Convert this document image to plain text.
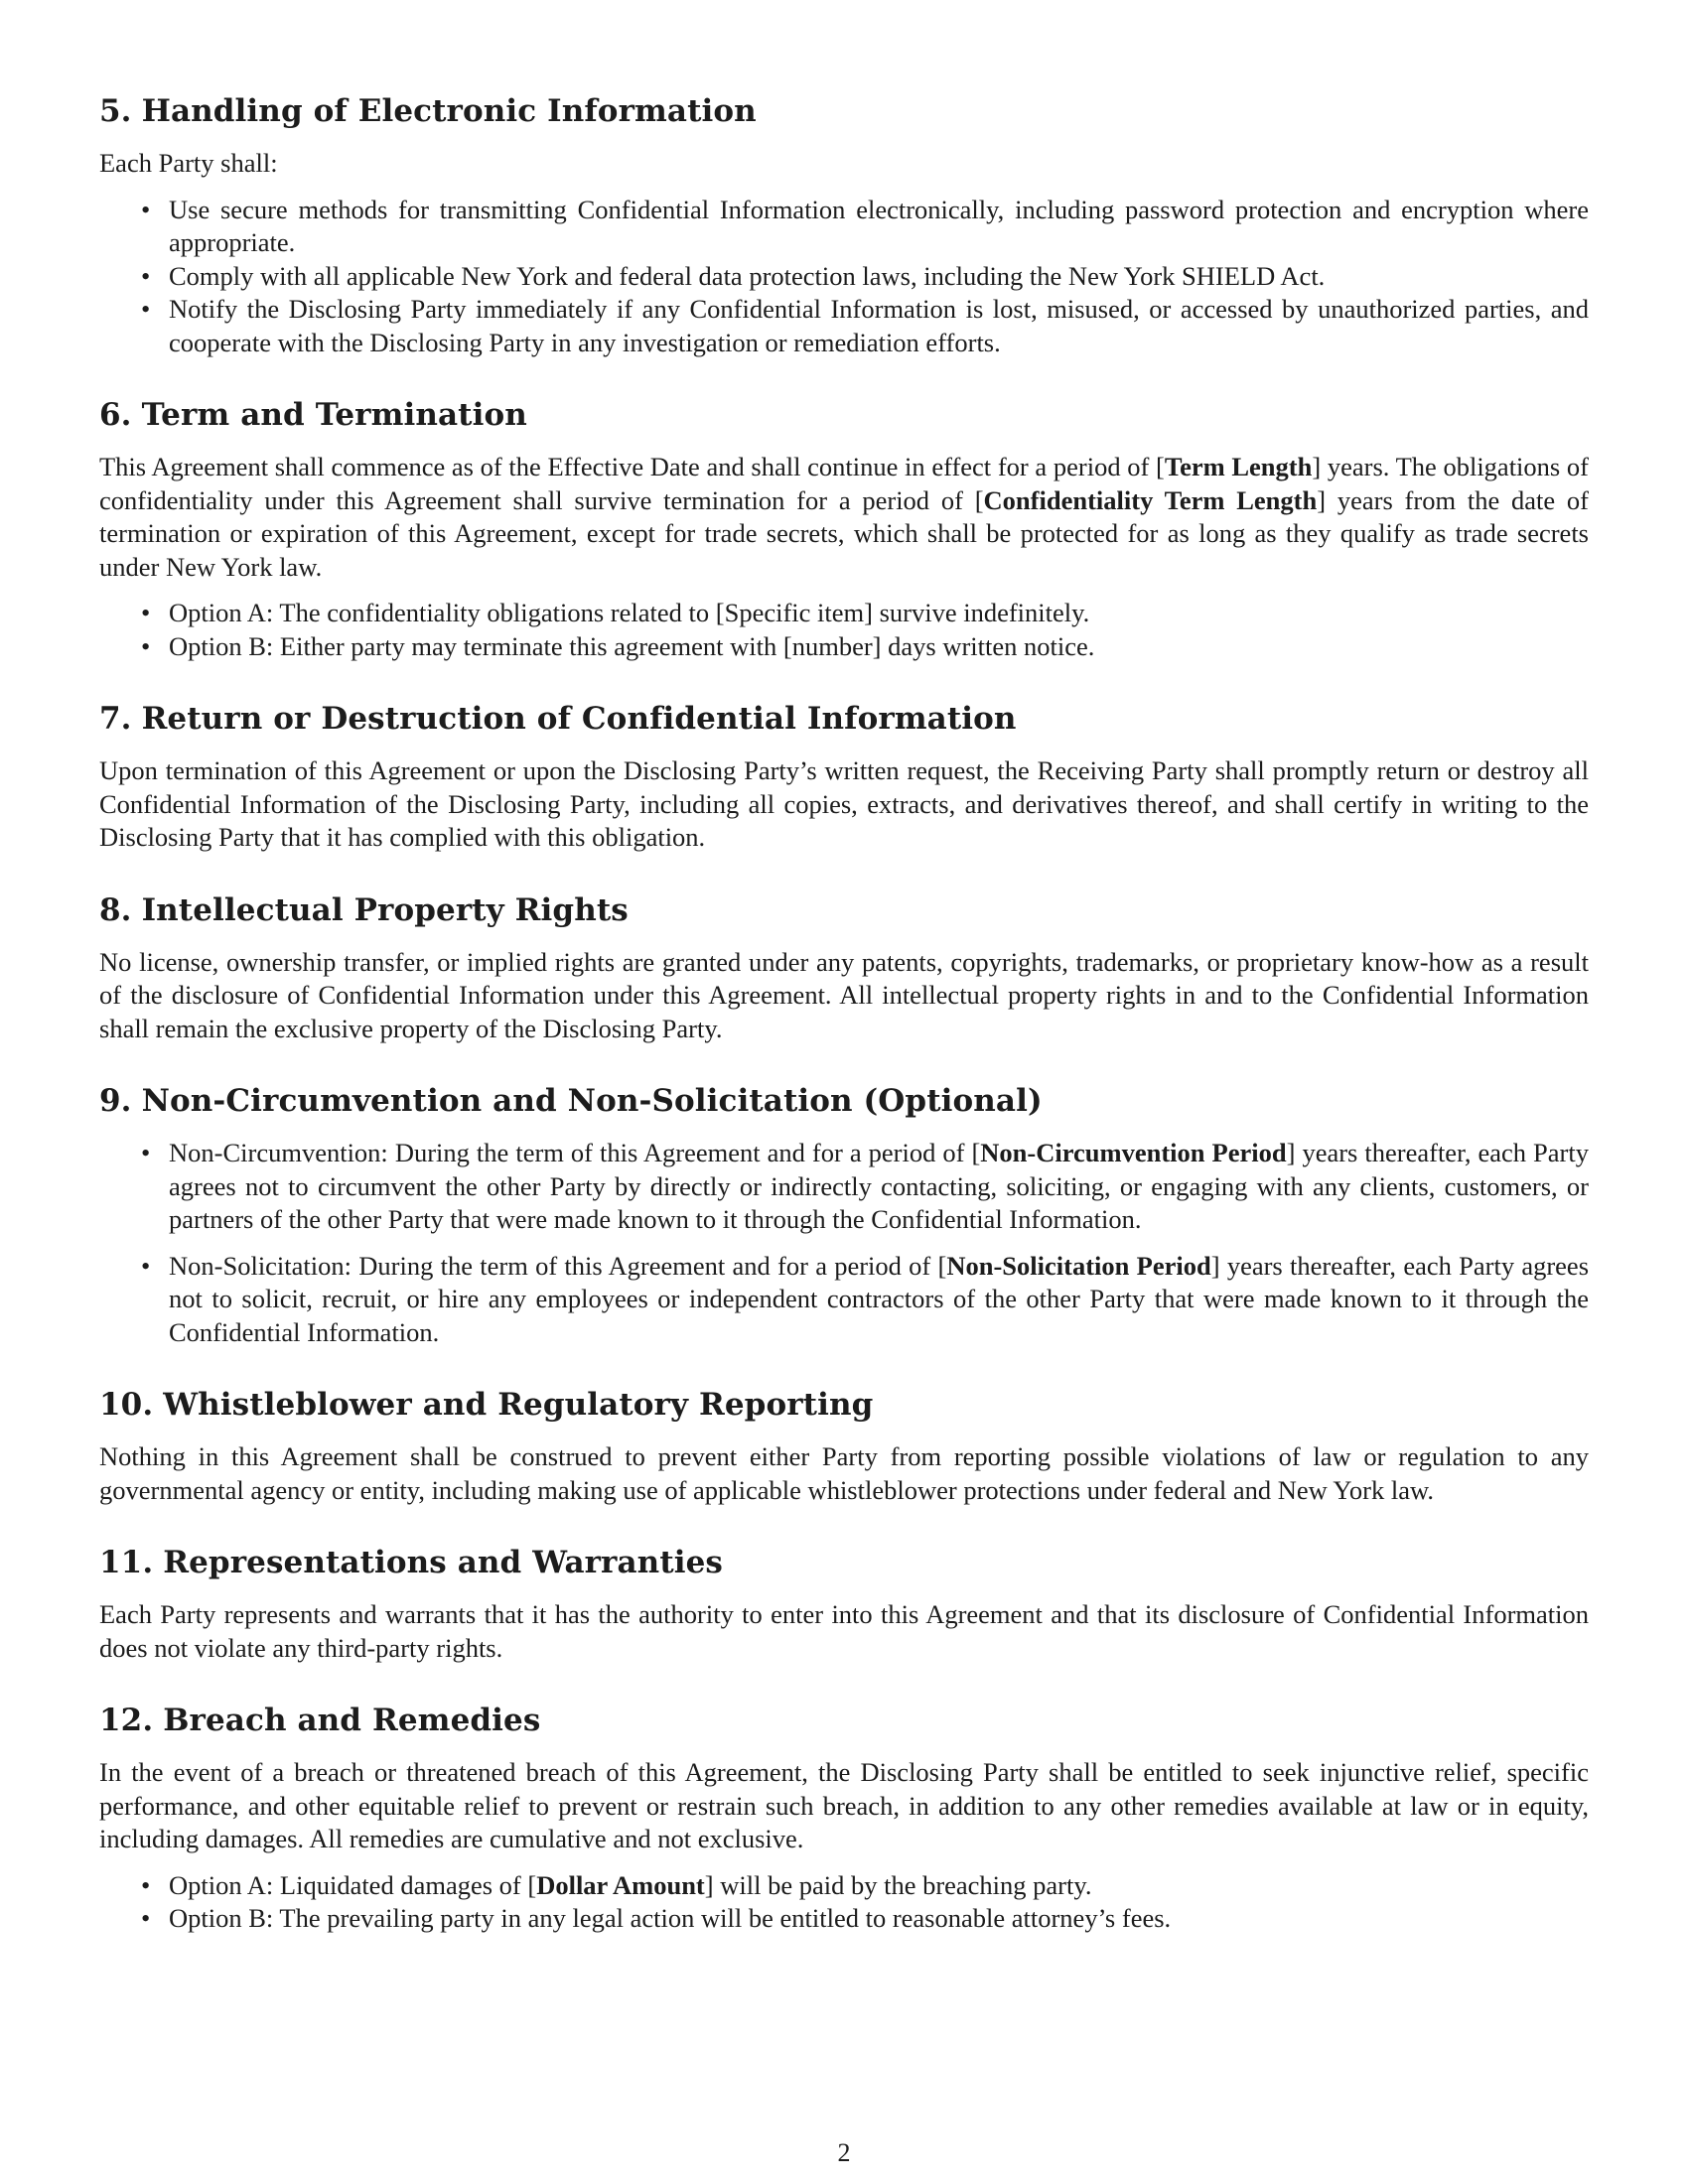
5. Handling of Electronic Information

Each Party shall:

• Use secure methods for transmitting Confidential Information electronically, including password protection and encryption where appropriate.
• Comply with all applicable New York and federal data protection laws, including the New York SHIELD Act.
• Notify the Disclosing Party immediately if any Confidential Information is lost, misused, or accessed by unauthorized parties, and cooperate with the Disclosing Party in any investigation or remediation efforts.
6. Term and Termination

This Agreement shall commence as of the Effective Date and shall continue in effect for a period of [Term Length] years. The obligations of confidentiality under this Agreement shall survive termination for a period of [Confidentiality Term Length] years from the date of termination or expiration of this Agreement, except for trade secrets, which shall be protected for as long as they qualify as trade secrets under New York law.

• Option A: The confidentiality obligations related to [Specific item] survive indefinitely.
• Option B: Either party may terminate this agreement with [number] days written notice.
7. Return or Destruction of Confidential Information

Upon termination of this Agreement or upon the Disclosing Party’s written request, the Receiving Party shall promptly return or destroy all Confidential Information of the Disclosing Party, including all copies, extracts, and derivatives thereof, and shall certify in writing to the Disclosing Party that it has complied with this obligation.

8. Intellectual Property Rights

No license, ownership transfer, or implied rights are granted under any patents, copyrights, trademarks, or proprietary know-how as a result of the disclosure of Confidential Information under this Agreement. All intellectual property rights in and to the Confidential Information shall remain the exclusive property of the Disclosing Party.

9. Non-Circumvention and Non-Solicitation (Optional)
• Non-Circumvention: During the term of this Agreement and for a period of [Non-Circumvention Period] years thereafter, each Party agrees not to circumvent the other Party by directly or indirectly contacting, soliciting, or engaging with any clients, customers, or partners of the other Party that were made known to it through the Confidential Information.
• Non-Solicitation: During the term of this Agreement and for a period of [Non-Solicitation Period] years thereafter, each Party agrees not to solicit, recruit, or hire any employees or independent contractors of the other Party that were made known to it through the Confidential Information.
10. Whistleblower and Regulatory Reporting

Nothing in this Agreement shall be construed to prevent either Party from reporting possible violations of law or regulation to any governmental agency or entity, including making use of applicable whistleblower protections under federal and New York law.

11. Representations and Warranties

Each Party represents and warrants that it has the authority to enter into this Agreement and that its disclosure of Confidential Information does not violate any third-party rights.

12. Breach and Remedies

In the event of a breach or threatened breach of this Agreement, the Disclosing Party shall be entitled to seek injunctive relief, specific performance, and other equitable relief to prevent or restrain such breach, in addition to any other remedies available at law or in equity, including damages. All remedies are cumulative and not exclusive.

• Option A: Liquidated damages of [Dollar Amount] will be paid by the breaching party.
• Option B: The prevailing party in any legal action will be entitled to reasonable attorney’s fees.
2
